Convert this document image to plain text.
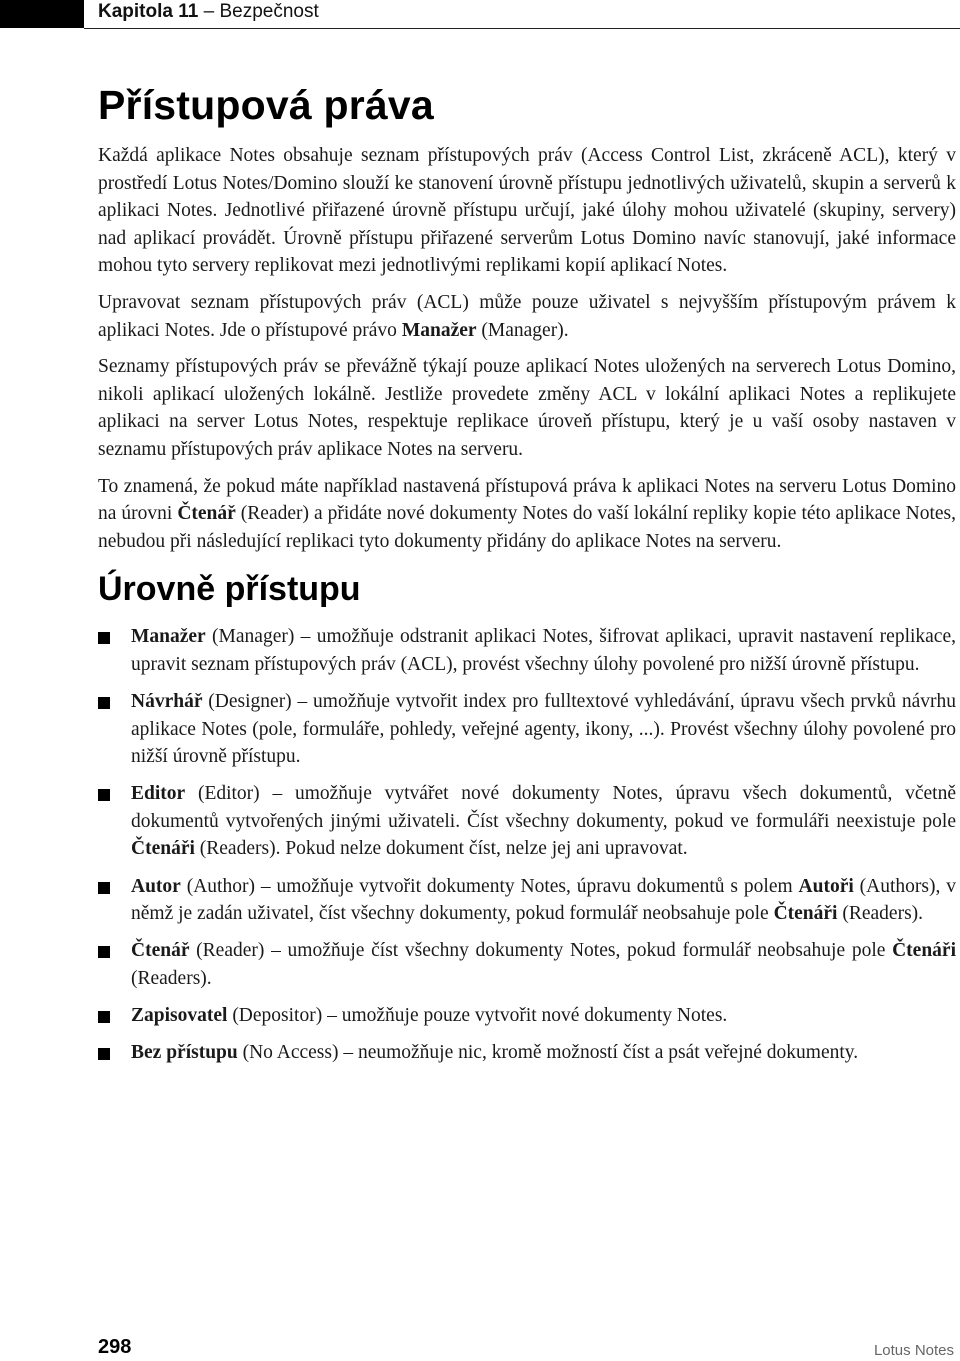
Kapitola 11 – Bezpečnost
Přístupová práva

Každá aplikace Notes obsahuje seznam přístupových práv (Access Control List, zkráceně ACL), který v prostředí Lotus Notes/Domino slouží ke stanovení úrovně přístupu jednotlivých uživatelů, skupin a serverů k aplikaci Notes. Jednotlivé přiřazené úrovně přístupu určují, jaké úlohy mohou uživatelé (skupiny, servery) nad aplikací provádět. Úrovně přístupu přiřazené serverům Lotus Domino navíc stanovují, jaké informace mohou tyto servery replikovat mezi jednotlivými replikami kopií aplikací Notes.

Upravovat seznam přístupových práv (ACL) může pouze uživatel s nejvyšším přístupovým právem k aplikaci Notes. Jde o přístupové právo Manažer (Manager).

Seznamy přístupových práv se převážně týkají pouze aplikací Notes uložených na serverech Lotus Domino, nikoli aplikací uložených lokálně. Jestliže provedete změny ACL v lokální aplikaci Notes a replikujete aplikaci na server Lotus Notes, respektuje replikace úroveň přístupu, který je u vaší osoby nastaven v seznamu přístupových práv aplikace Notes na serveru.

To znamená, že pokud máte například nastavená přístupová práva k aplikaci Notes na serveru Lotus Domino na úrovni Čtenář (Reader) a přidáte nové dokumenty Notes do vaší lokální repliky kopie této aplikace Notes, nebudou při následující replikaci tyto dokumenty přidány do aplikace Notes na serveru.

Úrovně přístupu
Manažer (Manager) – umožňuje odstranit aplikaci Notes, šifrovat aplikaci, upravit nastavení replikace, upravit seznam přístupových práv (ACL), provést všechny úlohy povolené pro nižší úrovně přístupu.
Návrhář (Designer) – umožňuje vytvořit index pro fulltextové vyhledávání, úpravu všech prvků návrhu aplikace Notes (pole, formuláře, pohledy, veřejné agenty, ikony, ...). Provést všechny úlohy povolené pro nižší úrovně přístupu.
Editor (Editor) – umožňuje vytvářet nové dokumenty Notes, úpravu všech dokumentů, včetně dokumentů vytvořených jinými uživateli. Číst všechny dokumenty, pokud ve formuláři neexistuje pole Čtenáři (Readers). Pokud nelze dokument číst, nelze jej ani upravovat.
Autor (Author) – umožňuje vytvořit dokumenty Notes, úpravu dokumentů s polem Autoři (Authors), v němž je zadán uživatel, číst všechny dokumenty, pokud formulář neobsahuje pole Čtenáři (Readers).
Čtenář (Reader) – umožňuje číst všechny dokumenty Notes, pokud formulář neobsahuje pole Čtenáři (Readers).
Zapisovatel (Depositor) – umožňuje pouze vytvořit nové dokumenty Notes.
Bez přístupu (No Access) – neumožňuje nic, kromě možností číst a psát veřejné dokumenty.
298	Lotus Notes
